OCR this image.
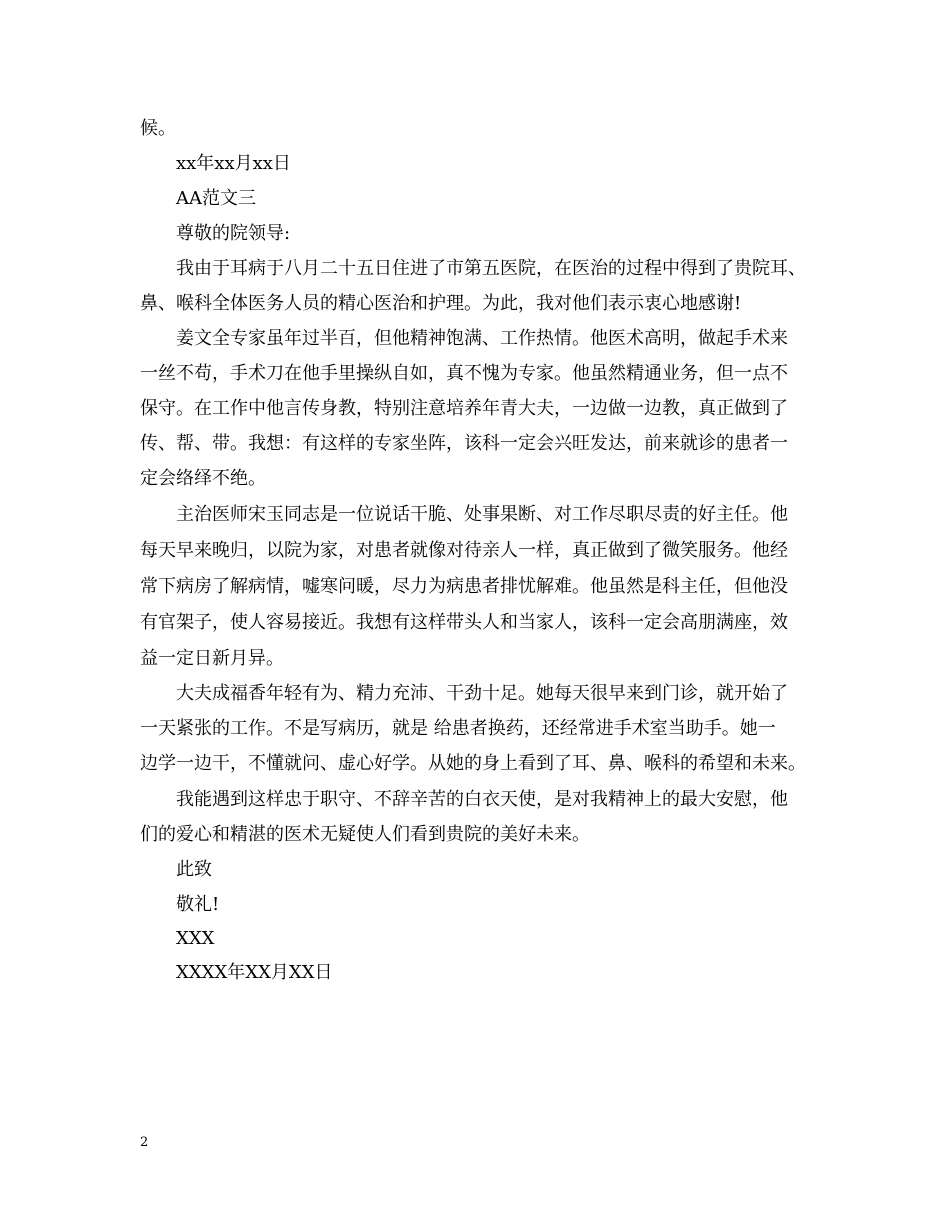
候。
xx年xx月xx日
AA范文三
尊敬的院领导:
我由于耳病于八月二十五日住进了市第五医院，在医治的过程中得到了贵院耳、
鼻、喉科全体医务人员的精心医治和护理。为此，我对他们表示衷心地感谢!
姜文全专家虽年过半百，但他精神饱满、工作热情。他医术高明，做起手术来
一丝不苟，手术刀在他手里操纵自如，真不愧为专家。他虽然精通业务，但一点不
保守。在工作中他言传身教，特别注意培养年青大夫，一边做一边教，真正做到了
传、帮、带。我想：有这样的专家坐阵，该科一定会兴旺发达，前来就诊的患者一
定会络绎不绝。
主治医师宋玉同志是一位说话干脆、处事果断、对工作尽职尽责的好主任。他
每天早来晚归，以院为家，对患者就像对待亲人一样，真正做到了微笑服务。他经
常下病房了解病情，嘘寒问暖，尽力为病患者排忧解难。他虽然是科主任，但他没
有官架子，使人容易接近。我想有这样带头人和当家人，该科一定会高朋满座，效
益一定日新月异。
大夫成福香年轻有为、精力充沛、干劲十足。她每天很早来到门诊，就开始了
一天紧张的工作。不是写病历，就是 给患者换药，还经常进手术室当助手。她一
边学一边干，不懂就问、虚心好学。从她的身上看到了耳、鼻、喉科的希望和未来。
我能遇到这样忠于职守、不辞辛苦的白衣天使，是对我精神上的最大安慰，他
们的爱心和精湛的医术无疑使人们看到贵院的美好未来。
此致
敬礼!
XXX
XXXX年XX月XX日
2
